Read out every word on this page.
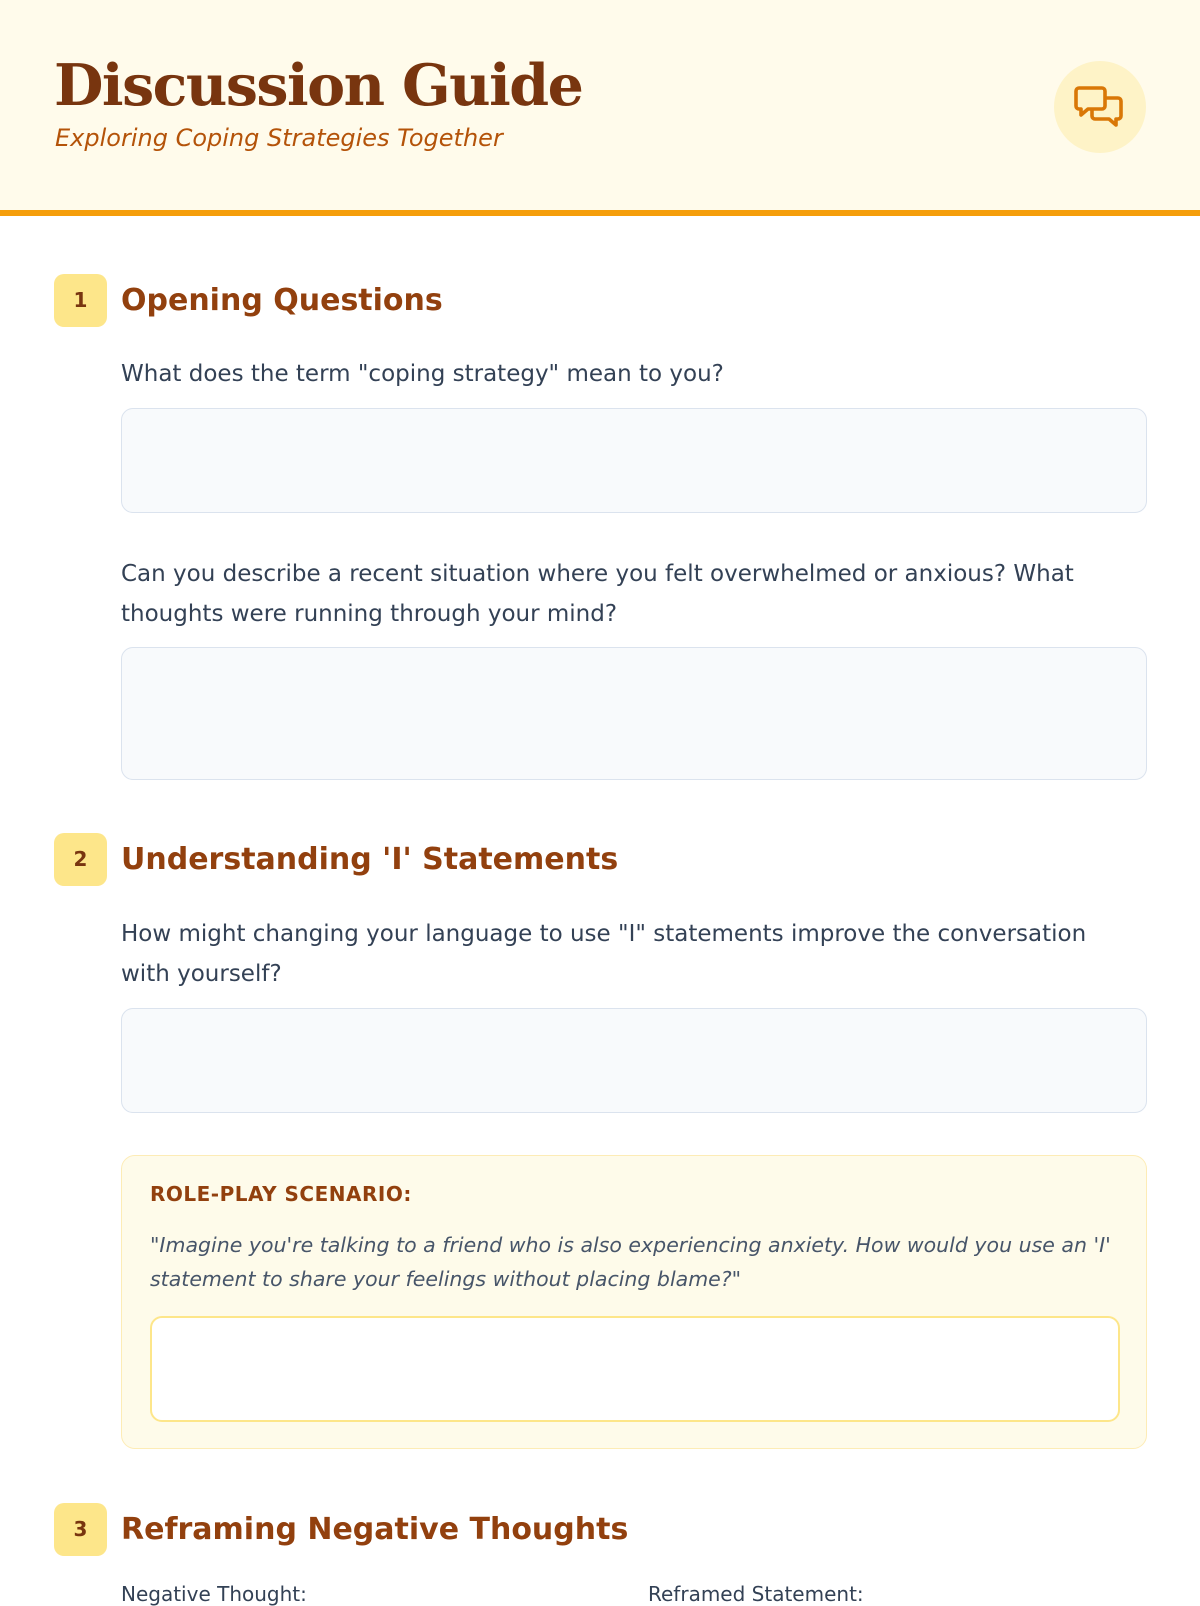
Discussion Guide
Exploring Coping Strategies Together
1	Opening Questions

What does the term "coping strategy" mean to you?

Can you describe a recent situation where you felt overwhelmed or anxious? What thoughts were running through your mind?

2	Understanding 'I' Statements

How might changing your language to use "I" statements improve the conversation with yourself?

ROLE-PLAY SCENARIO:

"Imagine you're talking to a friend who is also experiencing anxiety. How would you use an 'I' statement to share your feelings without placing blame?"

3	Reframing Negative Thoughts
Negative Thought:	Reframed Statement:
